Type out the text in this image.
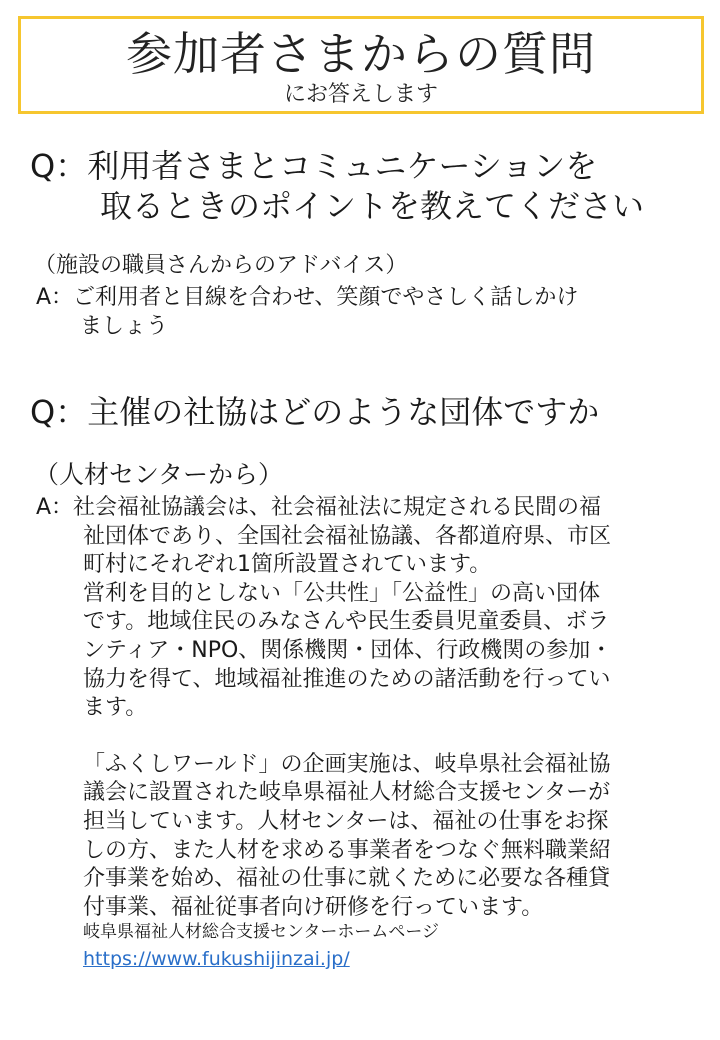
参加者さまからの質問
にお答えします
Q：利用者さまとコミュニケーションを
取るときのポイントを教えてください
（施設の職員さんからのアドバイス）
A：ご利用者と目線を合わせ、笑顔でやさしく話しかけ
ましょう
Q：主催の社協はどのような団体ですか
（人材センターから）
A：社会福祉協議会は、社会福祉法に規定される民間の福
祉団体であり、全国社会福祉協議、各都道府県、市区
町村にそれぞれ1箇所設置されています。
営利を目的としない「公共性」「公益性」の高い団体
です。地域住民のみなさんや民生委員児童委員、ボラ
ンティア・NPO、関係機関・団体、行政機関の参加・
協力を得て、地域福祉推進のための諸活動を行ってい
ます。
「ふくしワールド」の企画実施は、岐阜県社会福祉協
議会に設置された岐阜県福祉人材総合支援センターが
担当しています。人材センターは、福祉の仕事をお探
しの方、また人材を求める事業者をつなぐ無料職業紹
介事業を始め、福祉の仕事に就くために必要な各種貸
付事業、福祉従事者向け研修を行っています。
岐阜県福祉人材総合支援センターホームページ
https://www.fukushijinzai.jp/
